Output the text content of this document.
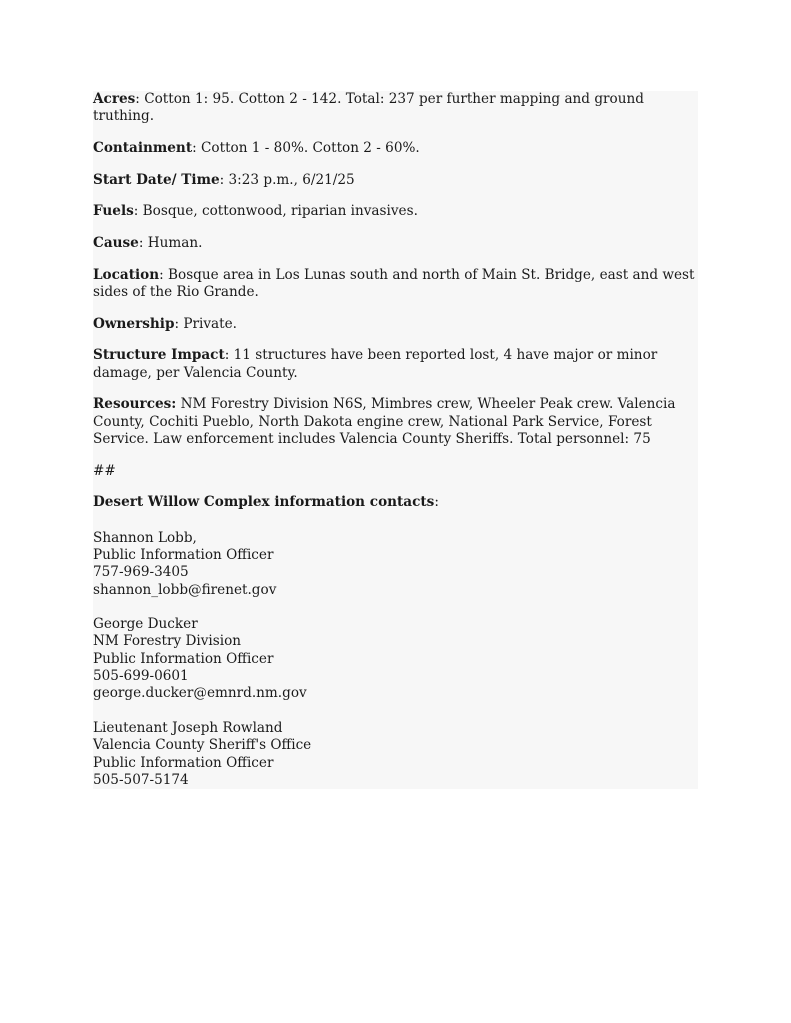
Acres: Cotton 1: 95. Cotton 2 - 142. Total: 237 per further mapping and ground truthing.

Containment: Cotton 1 - 80%. Cotton 2 - 60%.

Start Date/ Time: 3:23 p.m., 6/21/25

Fuels: Bosque, cottonwood, riparian invasives.

Cause: Human.

Location: Bosque area in Los Lunas south and north of Main St. Bridge, east and west sides of the Rio Grande.

Ownership: Private.

Structure Impact: 11 structures have been reported lost, 4 have major or minor damage, per Valencia County.

Resources: NM Forestry Division N6S, Mimbres crew, Wheeler Peak crew. Valencia County, Cochiti Pueblo, North Dakota engine crew, National Park Service, Forest Service. Law enforcement includes Valencia County Sheriffs. Total personnel: 75

##

Desert Willow Complex information contacts:

Shannon Lobb,
Public Information Officer
757-969-3405
shannon_lobb@firenet.gov
George Ducker
NM Forestry Division
Public Information Officer
505-699-0601
george.ducker@emnrd.nm.gov
Lieutenant Joseph Rowland
Valencia County Sheriff's Office
Public Information Officer
505-507-5174
